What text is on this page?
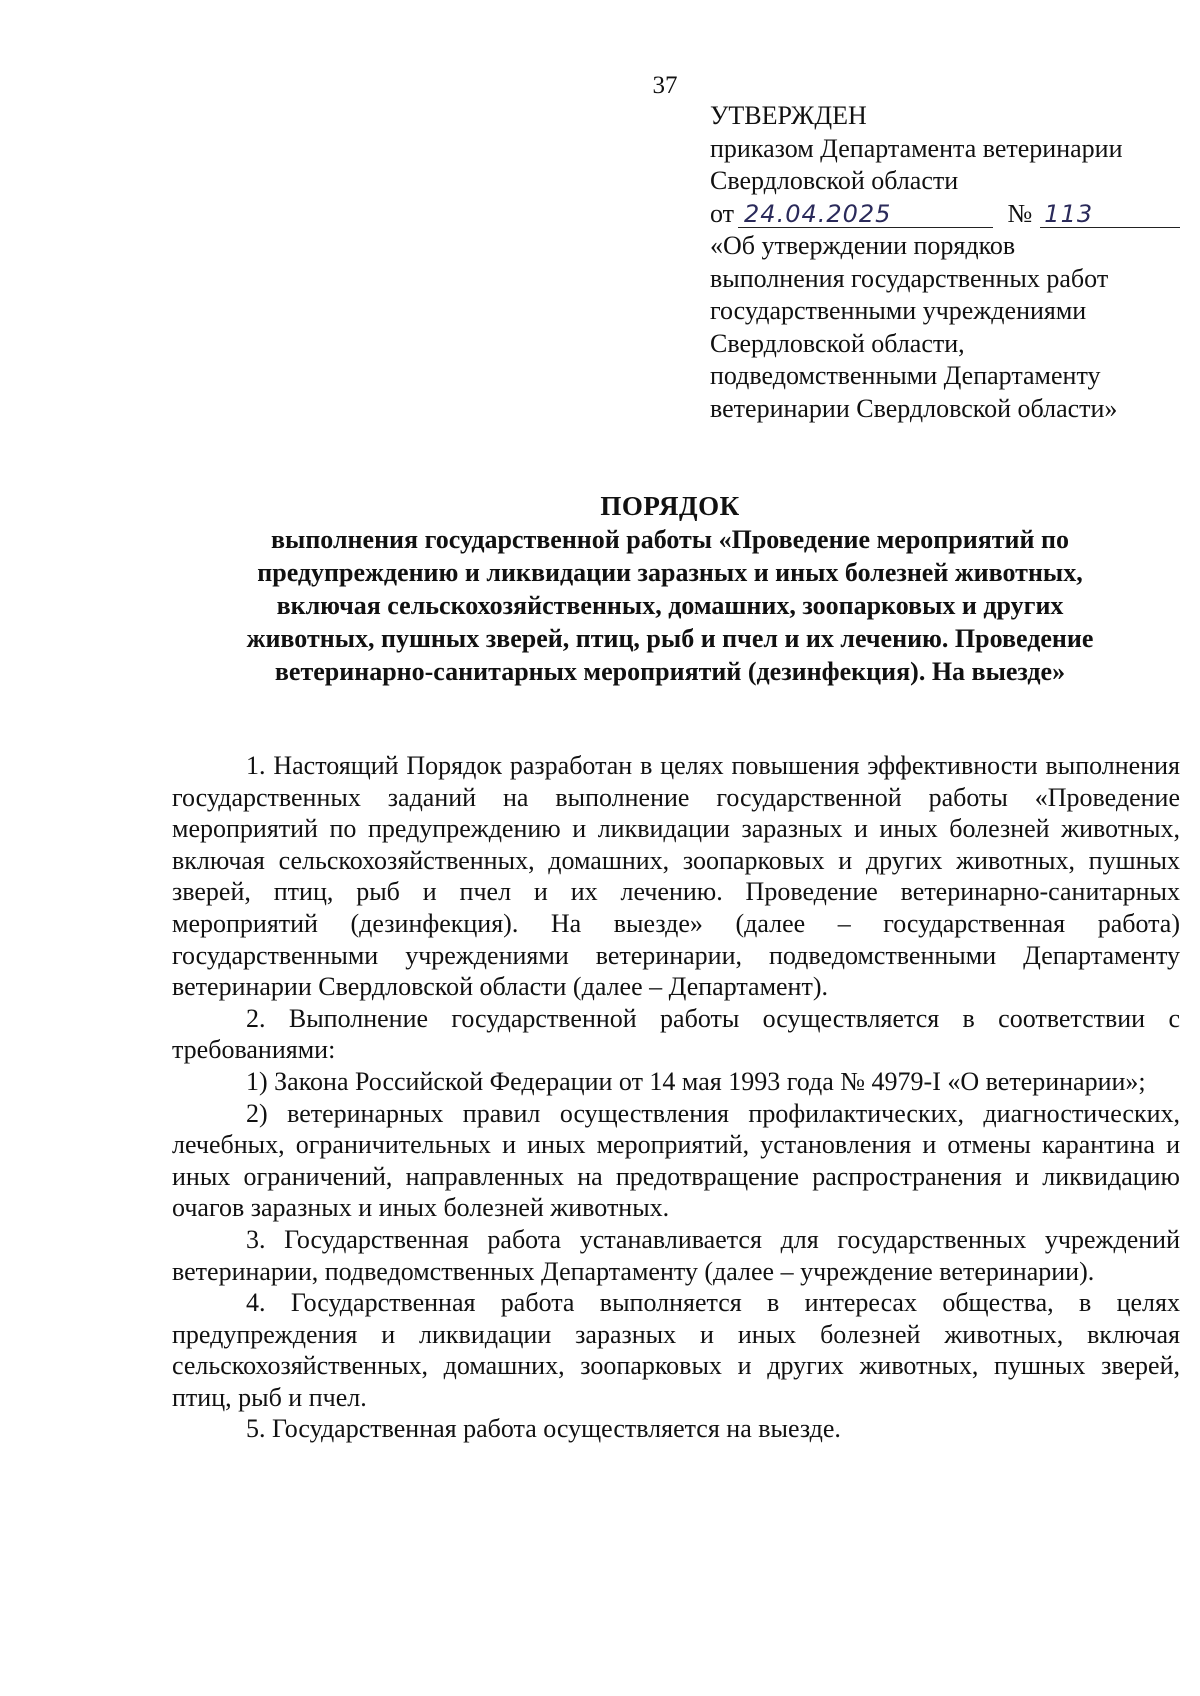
37
УТВЕРЖДЕН
приказом Департамента ветеринарии
Свердловской области
от 24.04.2025	№ 113
«Об утверждении порядков
выполнения государственных работ
государственными учреждениями
Свердловской области,
подведомственными Департаменту
ветеринарии Свердловской области»
ПОРЯДОК
выполнения государственной работы «Проведение мероприятий по
предупреждению и ликвидации заразных и иных болезней животных,
включая сельскохозяйственных, домашних, зоопарковых и других
животных, пушных зверей, птиц, рыб и пчел и их лечению. Проведение
ветеринарно-санитарных мероприятий (дезинфекция). На выезде»

1. Настоящий Порядок разработан в целях повышения эффективности выполнения государственных заданий на выполнение государственной работы «Проведение мероприятий по предупреждению и ликвидации заразных и иных болезней животных, включая сельскохозяйственных, домашних, зоопарковых и других животных, пушных зверей, птиц, рыб и пчел и их лечению. Проведение ветеринарно-санитарных мероприятий (дезинфекция). На выезде» (далее – государственная работа) государственными учреждениями ветеринарии, подведомственными Департаменту ветеринарии Свердловской области (далее – Департамент).

2. Выполнение государственной работы осуществляется в соответствии с требованиями:

1) Закона Российской Федерации от 14 мая 1993 года № 4979-I «О ветеринарии»;

2) ветеринарных правил осуществления профилактических, диагностических, лечебных, ограничительных и иных мероприятий, установления и отмены карантина и иных ограничений, направленных на предотвращение распространения и ликвидацию очагов заразных и иных болезней животных.

3. Государственная работа устанавливается для государственных учреждений ветеринарии, подведомственных Департаменту (далее – учреждение ветеринарии).

4. Государственная работа выполняется в интересах общества, в целях предупреждения и ликвидации заразных и иных болезней животных, включая сельскохозяйственных, домашних, зоопарковых и других животных, пушных зверей, птиц, рыб и пчел.

5. Государственная работа осуществляется на выезде.
